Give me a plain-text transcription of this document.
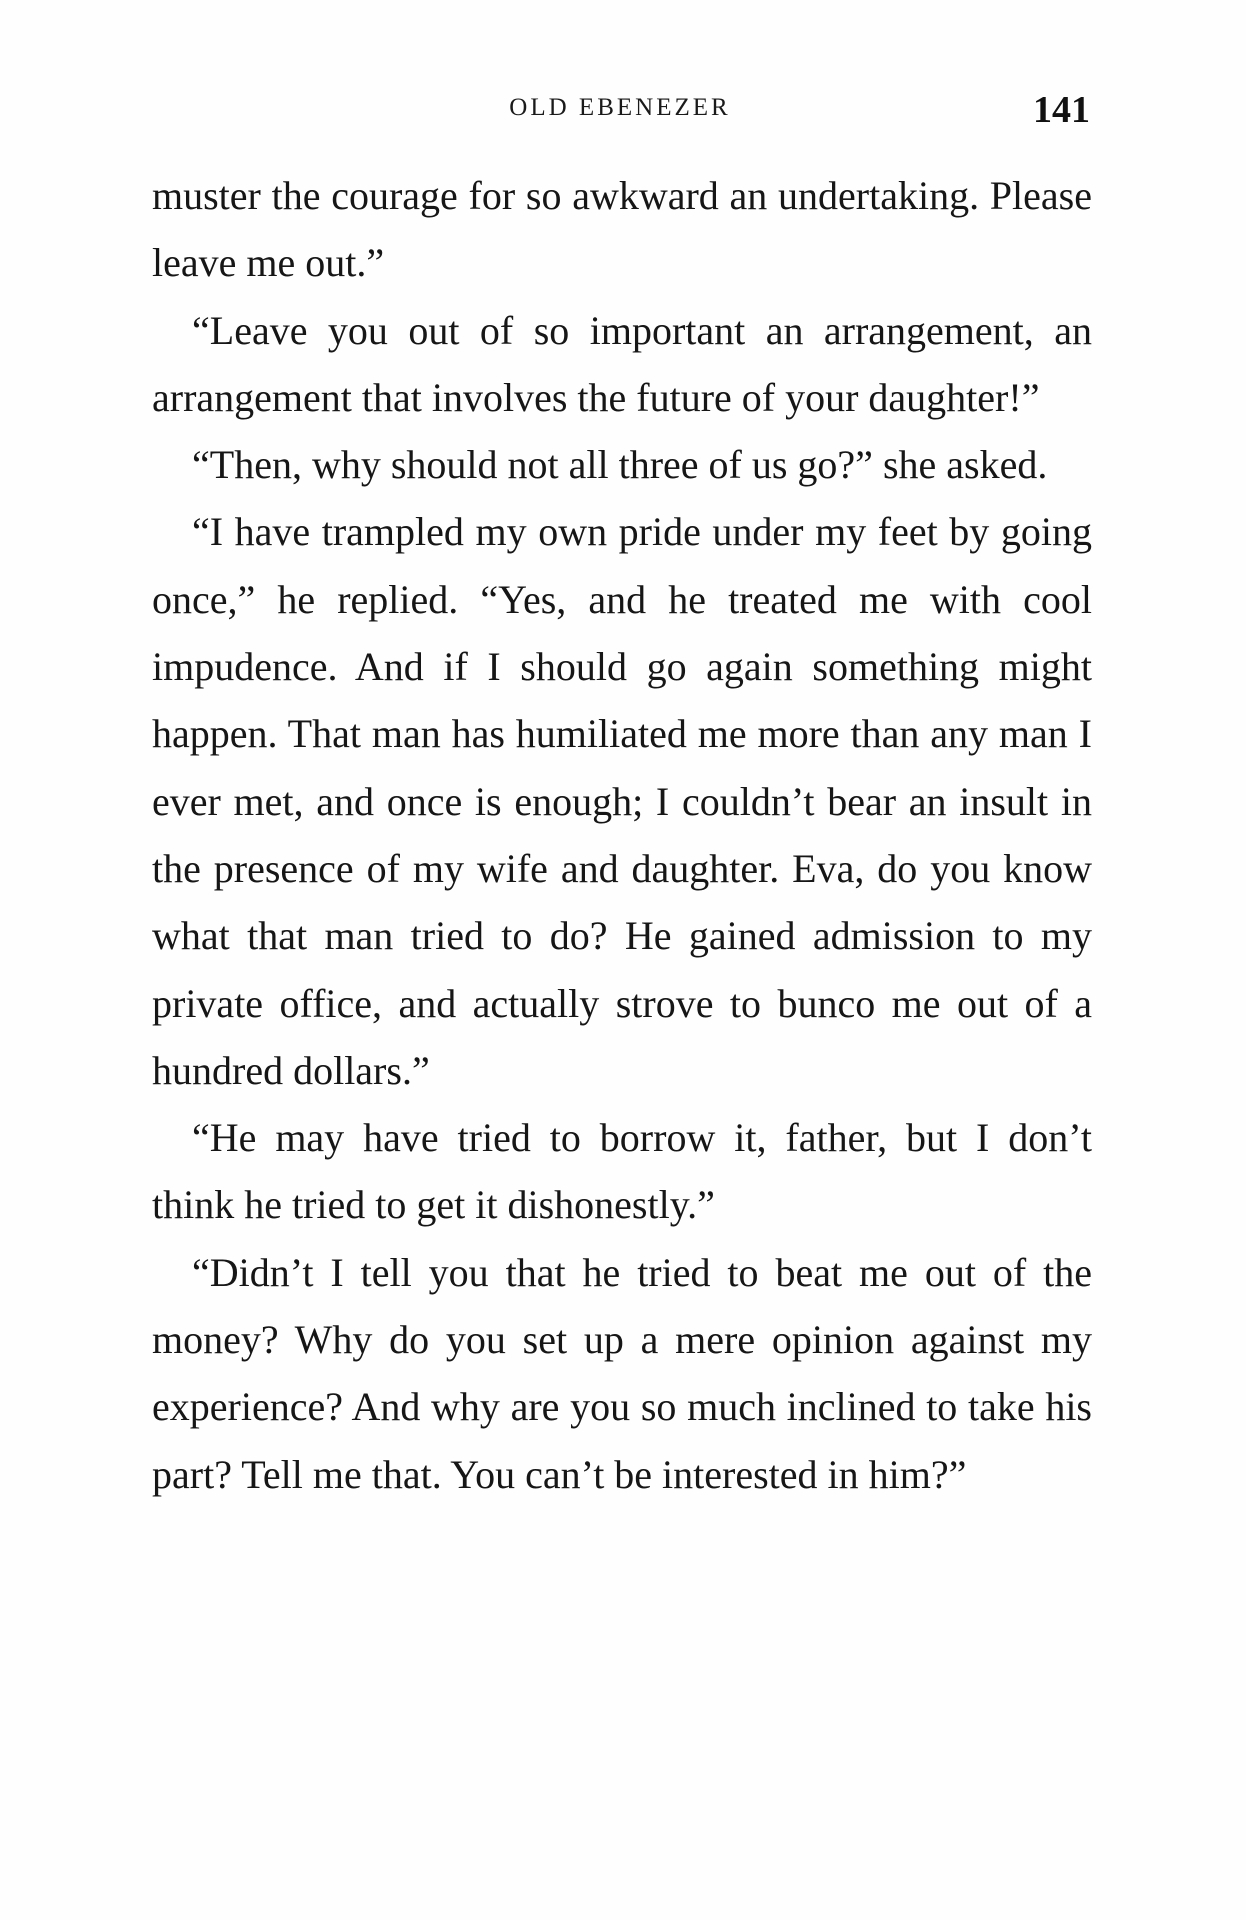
OLD EBENEZER	141

muster the courage for so awkward an undertaking. Please leave me out.”

“Leave you out of so important an arrangement, an arrangement that involves the future of your daughter!”

“Then, why should not all three of us go?” she asked.

“I have trampled my own pride under my feet by going once,” he replied. “Yes, and he treated me with cool impudence. And if I should go again something might happen. That man has humiliated me more than any man I ever met, and once is enough; I couldn’t bear an insult in the presence of my wife and daughter. Eva, do you know what that man tried to do? He gained admission to my private office, and actually strove to bunco me out of a hundred dollars.”

“He may have tried to borrow it, father, but I don’t think he tried to get it dishonestly.”

“Didn’t I tell you that he tried to beat me out of the money? Why do you set up a mere opinion against my experience? And why are you so much inclined to take his part? Tell me that. You can’t be interested in him?”
